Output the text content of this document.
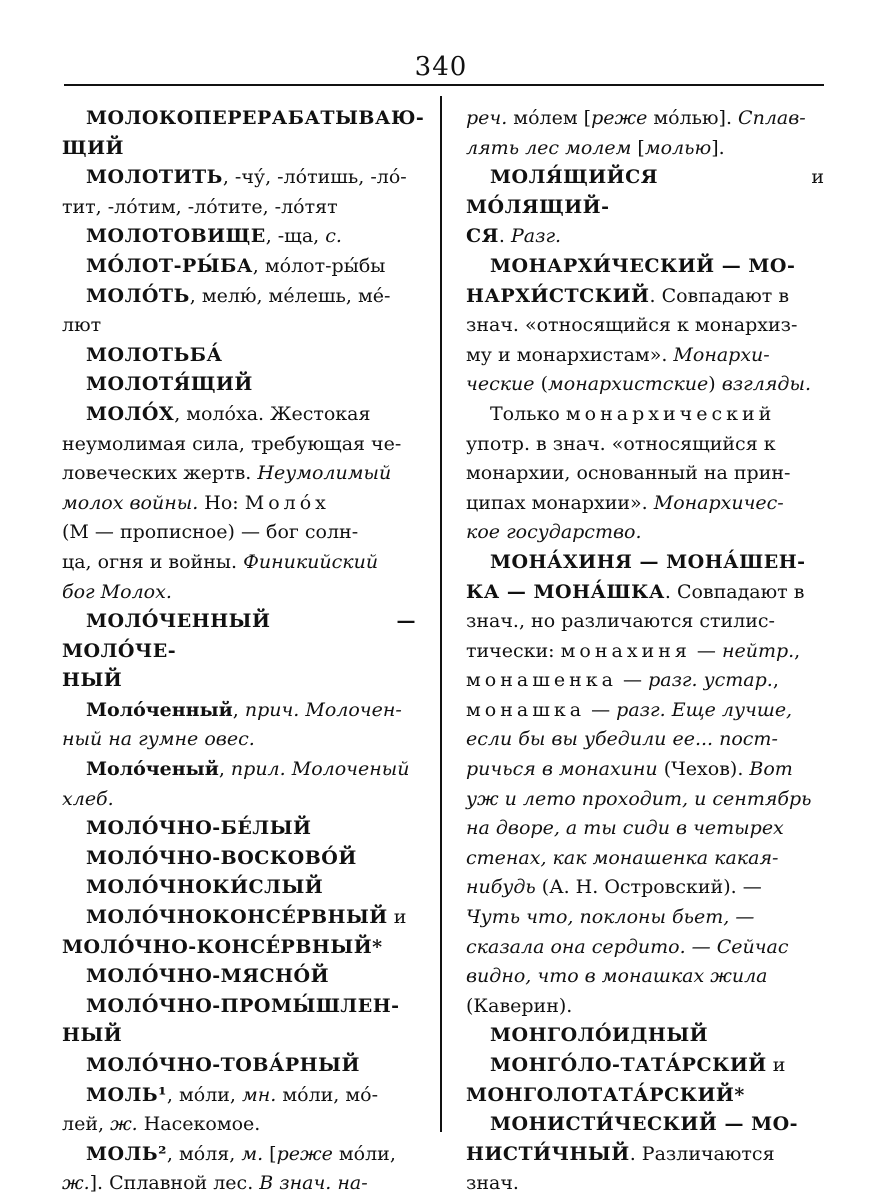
340

МОЛОКОПЕРЕРАБАТЫВАЮ-

ЩИЙ

МОЛОТИТЬ, -чу́, -ло́тишь, -ло́-

тит, -ло́тим, -ло́тите, -ло́тят

МОЛОТОВИЩЕ, -ща, с.

МО́ЛОТ-РЫ́БА, мо́лот-ры́бы

МОЛО́ТЬ, мелю́, ме́лешь, ме́-

лют

МОЛОТЬБА́

МОЛОТЯ́ЩИЙ

МОЛО́Х, моло́ха. Жестокая

неумолимая сила, требующая че-

ловеческих жертв. Неумолимый

молох войны. Но: Моло́х

(М — прописное) — бог солн-

ца, огня и войны. Финикийский

бог Молох.

МОЛО́ЧЕННЫЙ — МОЛО́ЧЕ-

НЫЙ

Моло́ченный, прич. Молочен-

ный на гумне овес.

Моло́ченый, прил. Молоченый

хлеб.

МОЛО́ЧНО-БЕ́ЛЫЙ

МОЛО́ЧНО-ВОСКОВО́Й

МОЛО́ЧНОКИ́СЛЫЙ

МОЛО́ЧНОКОНСЕ́РВНЫЙ и

МОЛО́ЧНО-КОНСЕ́РВНЫЙ*

МОЛО́ЧНО-МЯСНО́Й

МОЛО́ЧНО-ПРОМЫ́ШЛЕН-

НЫЙ

МОЛО́ЧНО-ТОВА́РНЫЙ

МОЛЬ¹, мо́ли, мн. мо́ли, мо́-

лей, ж. Насекомое.

МОЛЬ², мо́ля, м. [реже мо́ли,

ж.]. Сплавной лес. В знач. на-

реч. мо́лем [реже мо́лью]. Сплав-

лять лес молем [молью].

МОЛЯ́ЩИЙСЯ и МО́ЛЯЩИЙ-

СЯ. Разг.

МОНАРХИ́ЧЕСКИЙ — МО-

НАРХИ́СТСКИЙ. Совпадают в

знач. «относящийся к монархиз-

му и монархистам». Монархи-

ческие (монархистские) взгляды.

Только монархический

употр. в знач. «относящийся к

монархии, основанный на прин-

ципах монархии». Монархичес-

кое государство.

МОНА́ХИНЯ — МОНА́ШЕН-

КА — МОНА́ШКА. Совпадают в

знач., но различаются стилис-

тически: монахиня — нейтр.,

монашенка — разг. устар.,

монашка — разг. Еще лучше,

если бы вы убедили ее... пост-

ричься в монахини (Чехов). Вот

уж и лето проходит, и сентябрь

на дворе, а ты сиди в четырех

стенах, как монашенка какая-

нибудь (А. Н. Островский). —

Чуть что, поклоны бьет, —

сказала она сердито. — Сейчас

видно, что в монашках жила

(Каверин).

МОНГОЛО́ИДНЫЙ

МОНГО́ЛО-ТАТА́РСКИЙ и

МОНГОЛОТАТА́РСКИЙ*

МОНИСТИ́ЧЕСКИЙ — МО-

НИСТИ́ЧНЫЙ. Различаются

знач.
